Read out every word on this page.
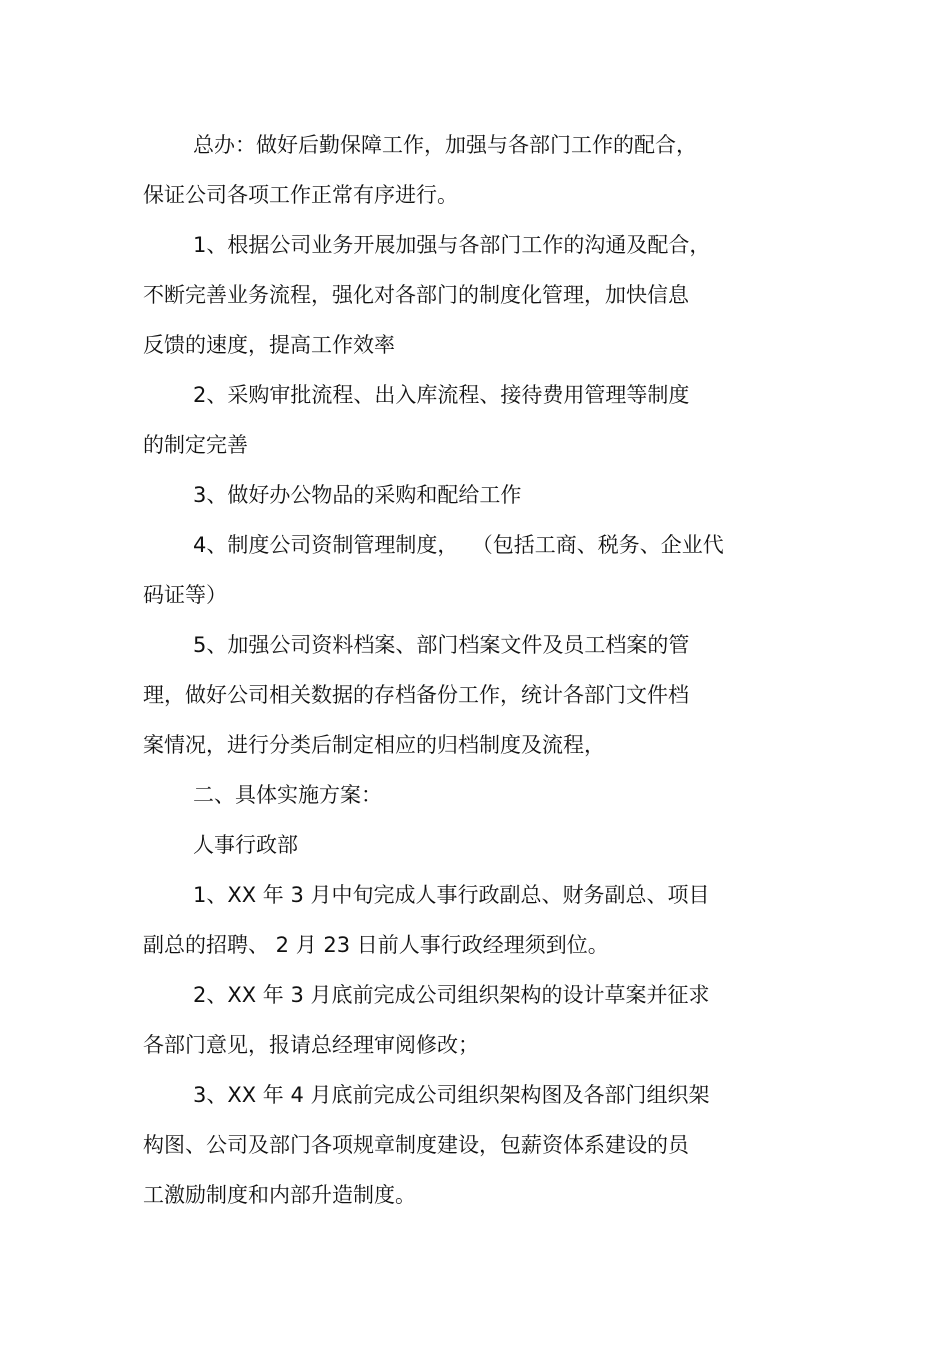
总办：做好后勤保障工作，加强与各部门工作的配合，
保证公司各项工作正常有序进行。
1、根据公司业务开展加强与各部门工作的沟通及配合，
不断完善业务流程，强化对各部门的制度化管理，加快信息
反馈的速度，提高工作效率
2、采购审批流程、出入库流程、接待费用管理等制度
的制定完善
3、做好办公物品的采购和配给工作
4、制度公司资制管理制度，  （包括工商、税务、企业代
码证等）
5、加强公司资料档案、部门档案文件及员工档案的管
理，做好公司相关数据的存档备份工作，统计各部门文件档
案情况，进行分类后制定相应的归档制度及流程，
二、具体实施方案：
人事行政部
1、XX 年 3 月中旬完成人事行政副总、财务副总、项目
副总的招聘、 2 月 23 日前人事行政经理须到位。
2、XX 年 3 月底前完成公司组织架构的设计草案并征求
各部门意见，报请总经理审阅修改；
3、XX 年 4 月底前完成公司组织架构图及各部门组织架
构图、公司及部门各项规章制度建设，包薪资体系建设的员
工激励制度和内部升造制度。
